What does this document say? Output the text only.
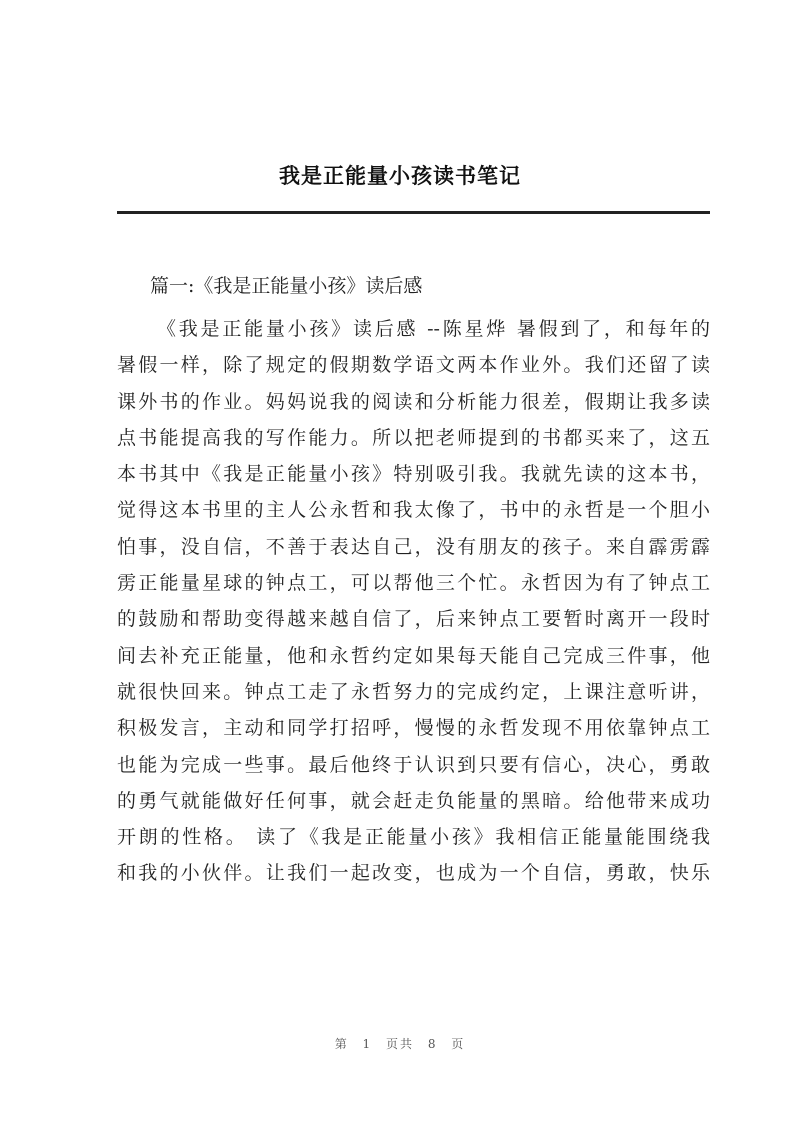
我是正能量小孩读书笔记
篇一:《我是正能量小孩》读后感
《我是正能量小孩》读后感 --陈星烨 暑假到了，和每年的
暑假一样，除了规定的假期数学语文两本作业外。我们还留了读
课外书的作业。妈妈说我的阅读和分析能力很差，假期让我多读
点书能提高我的写作能力。所以把老师提到的书都买来了，这五
本书其中《我是正能量小孩》特别吸引我。我就先读的这本书，
觉得这本书里的主人公永哲和我太像了，书中的永哲是一个胆小
怕事，没自信，不善于表达自己，没有朋友的孩子。来自霹雳霹
雳正能量星球的钟点工，可以帮他三个忙。永哲因为有了钟点工
的鼓励和帮助变得越来越自信了，后来钟点工要暂时离开一段时
间去补充正能量，他和永哲约定如果每天能自己完成三件事，他
就很快回来。钟点工走了永哲努力的完成约定，上课注意听讲，
积极发言，主动和同学打招呼，慢慢的永哲发现不用依靠钟点工
也能为完成一些事。最后他终于认识到只要有信心，决心，勇敢
的勇气就能做好任何事，就会赶走负能量的黑暗。给他带来成功
开朗的性格。 读了《我是正能量小孩》我相信正能量能围绕我
和我的小伙伴。让我们一起改变，也成为一个自信，勇敢，快乐
第 1 页共 8 页
